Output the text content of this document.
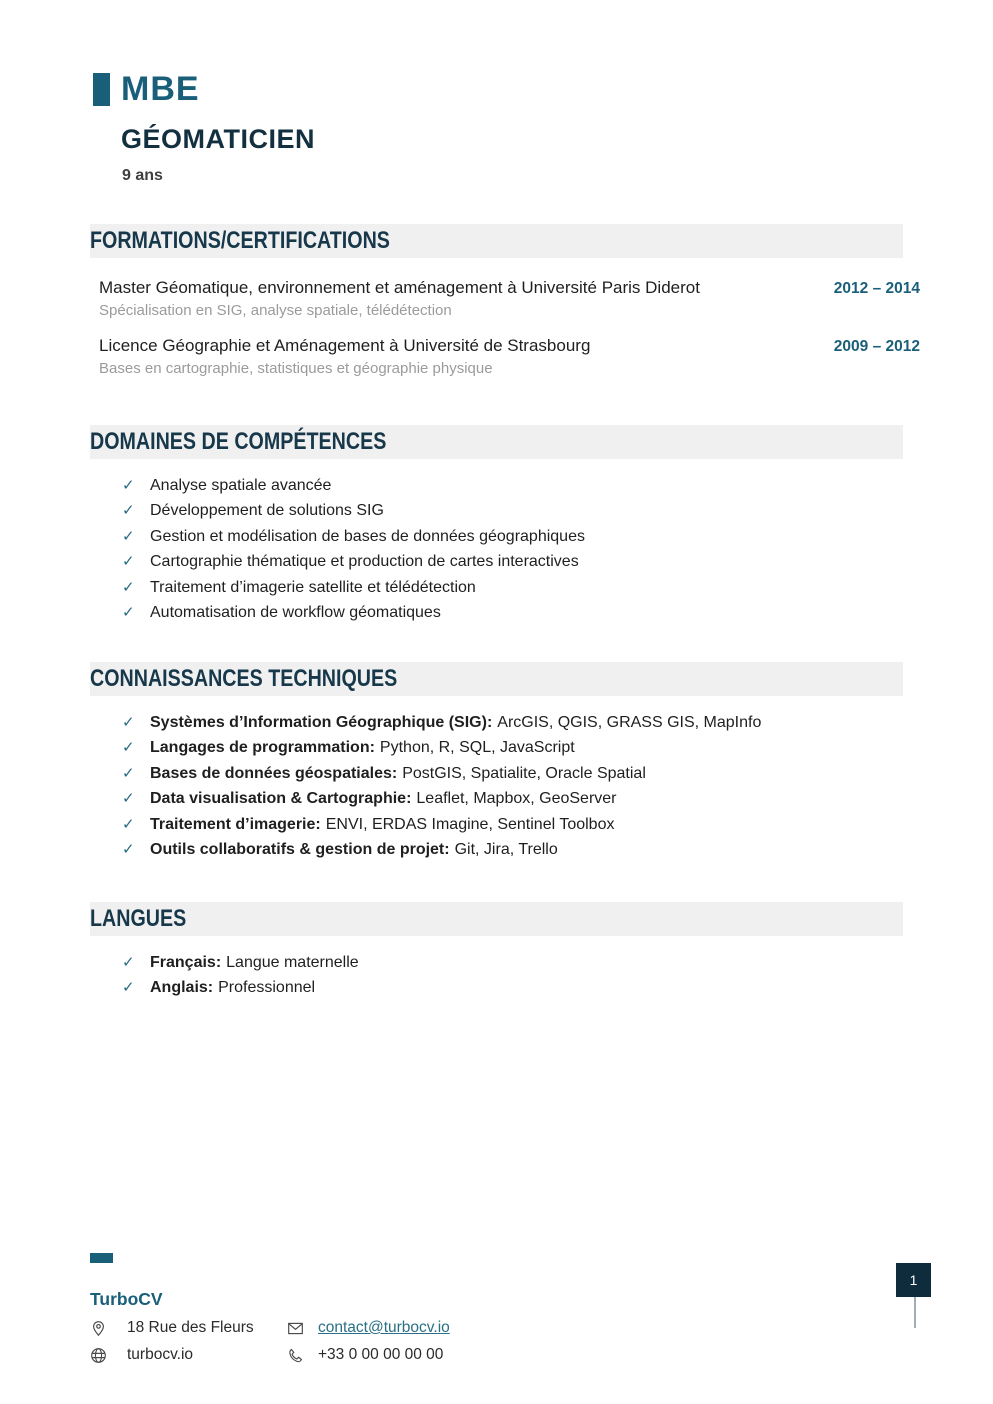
MBE
GÉOMATICIEN
9 ans
FORMATIONS/CERTIFICATIONS
Master Géomatique, environnement et aménagement à Université Paris Diderot	2012 – 2014
Spécialisation en SIG, analyse spatiale, télédétection
Licence Géographie et Aménagement à Université de Strasbourg	2009 – 2012
Bases en cartographie, statistiques et géographie physique
DOMAINES DE COMPÉTENCES
✓ Analyse spatiale avancée
✓ Développement de solutions SIG
✓ Gestion et modélisation de bases de données géographiques
✓ Cartographie thématique et production de cartes interactives
✓ Traitement d’imagerie satellite et télédétection
✓ Automatisation de workflow géomatiques
CONNAISSANCES TECHNIQUES
✓ Systèmes d’Information Géographique (SIG): ArcGIS, QGIS, GRASS GIS, MapInfo
✓ Langages de programmation: Python, R, SQL, JavaScript
✓ Bases de données géospatiales: PostGIS, Spatialite, Oracle Spatial
✓ Data visualisation & Cartographie: Leaflet, Mapbox, GeoServer
✓ Traitement d’imagerie: ENVI, ERDAS Imagine, Sentinel Toolbox
✓ Outils collaboratifs & gestion de projet: Git, Jira, Trello
LANGUES
✓ Français: Langue maternelle
✓ Anglais: Professionnel
TurboCV
18 Rue des Fleurs	contact@turbocv.io
turbocv.io	+33 0 00 00 00 00
1
